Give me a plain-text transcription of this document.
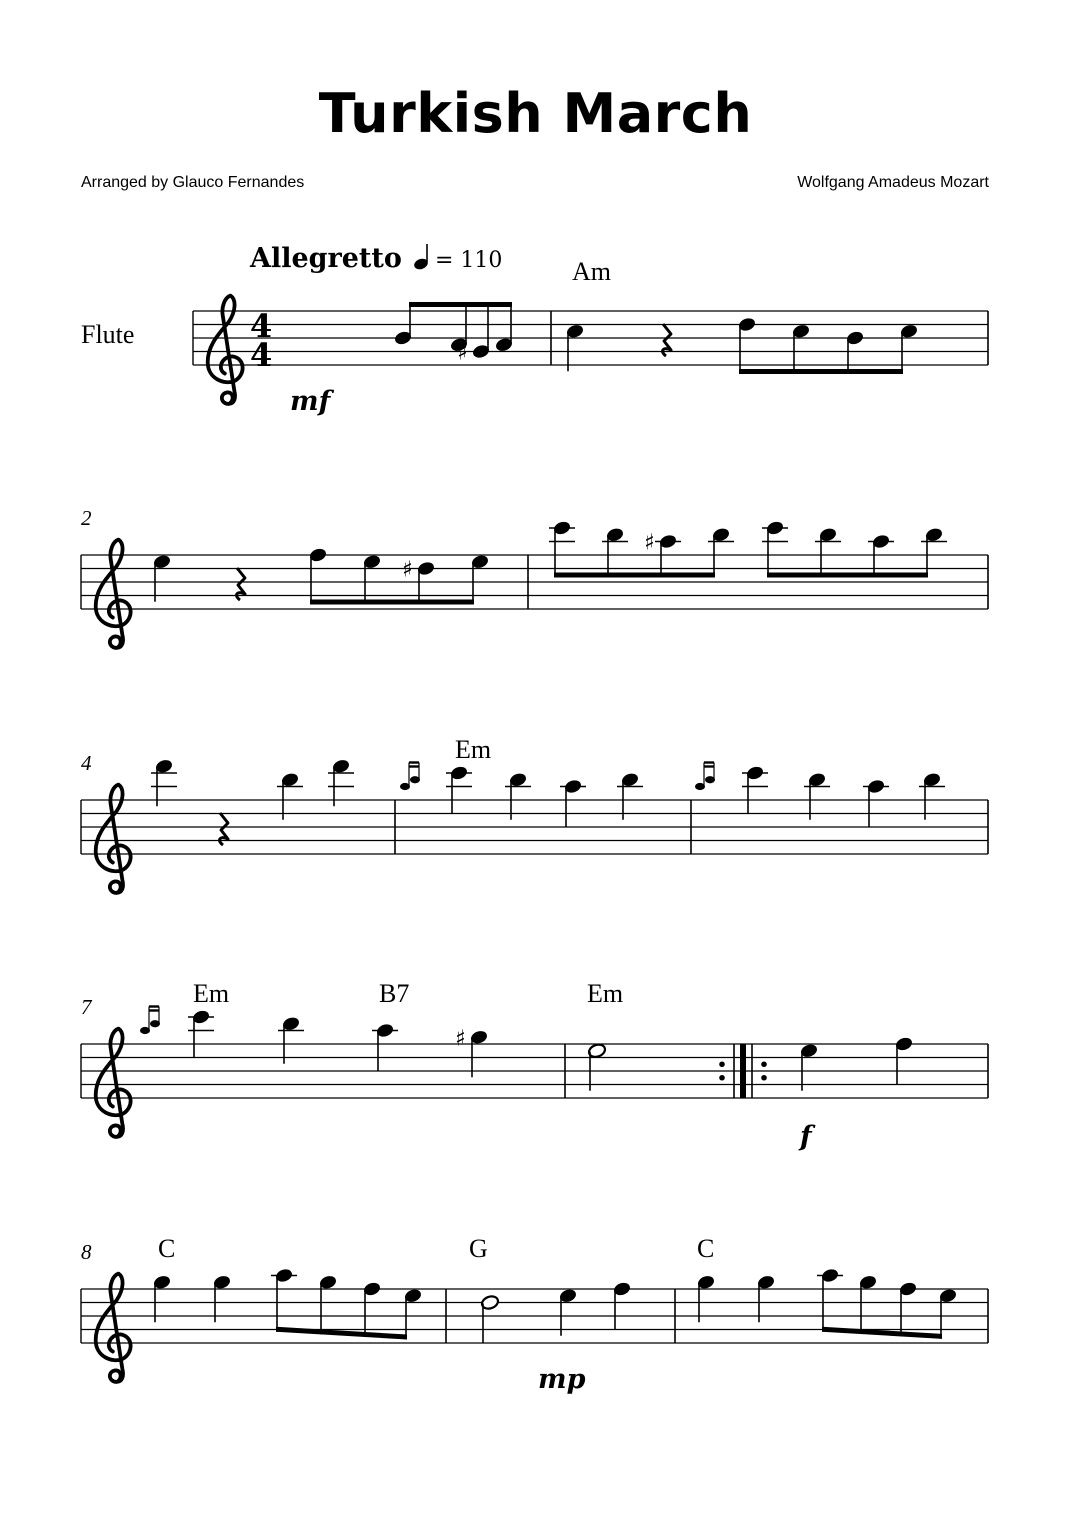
Turkish March
Arranged by Glauco Fernandes	Wolfgang Amadeus Mozart
Allegretto = 110
Flute
♯
♯
♯
♯
Am
Em
Em	B7	Em
C	G	C
2
4
7
8
4
4
mf
f
mp
